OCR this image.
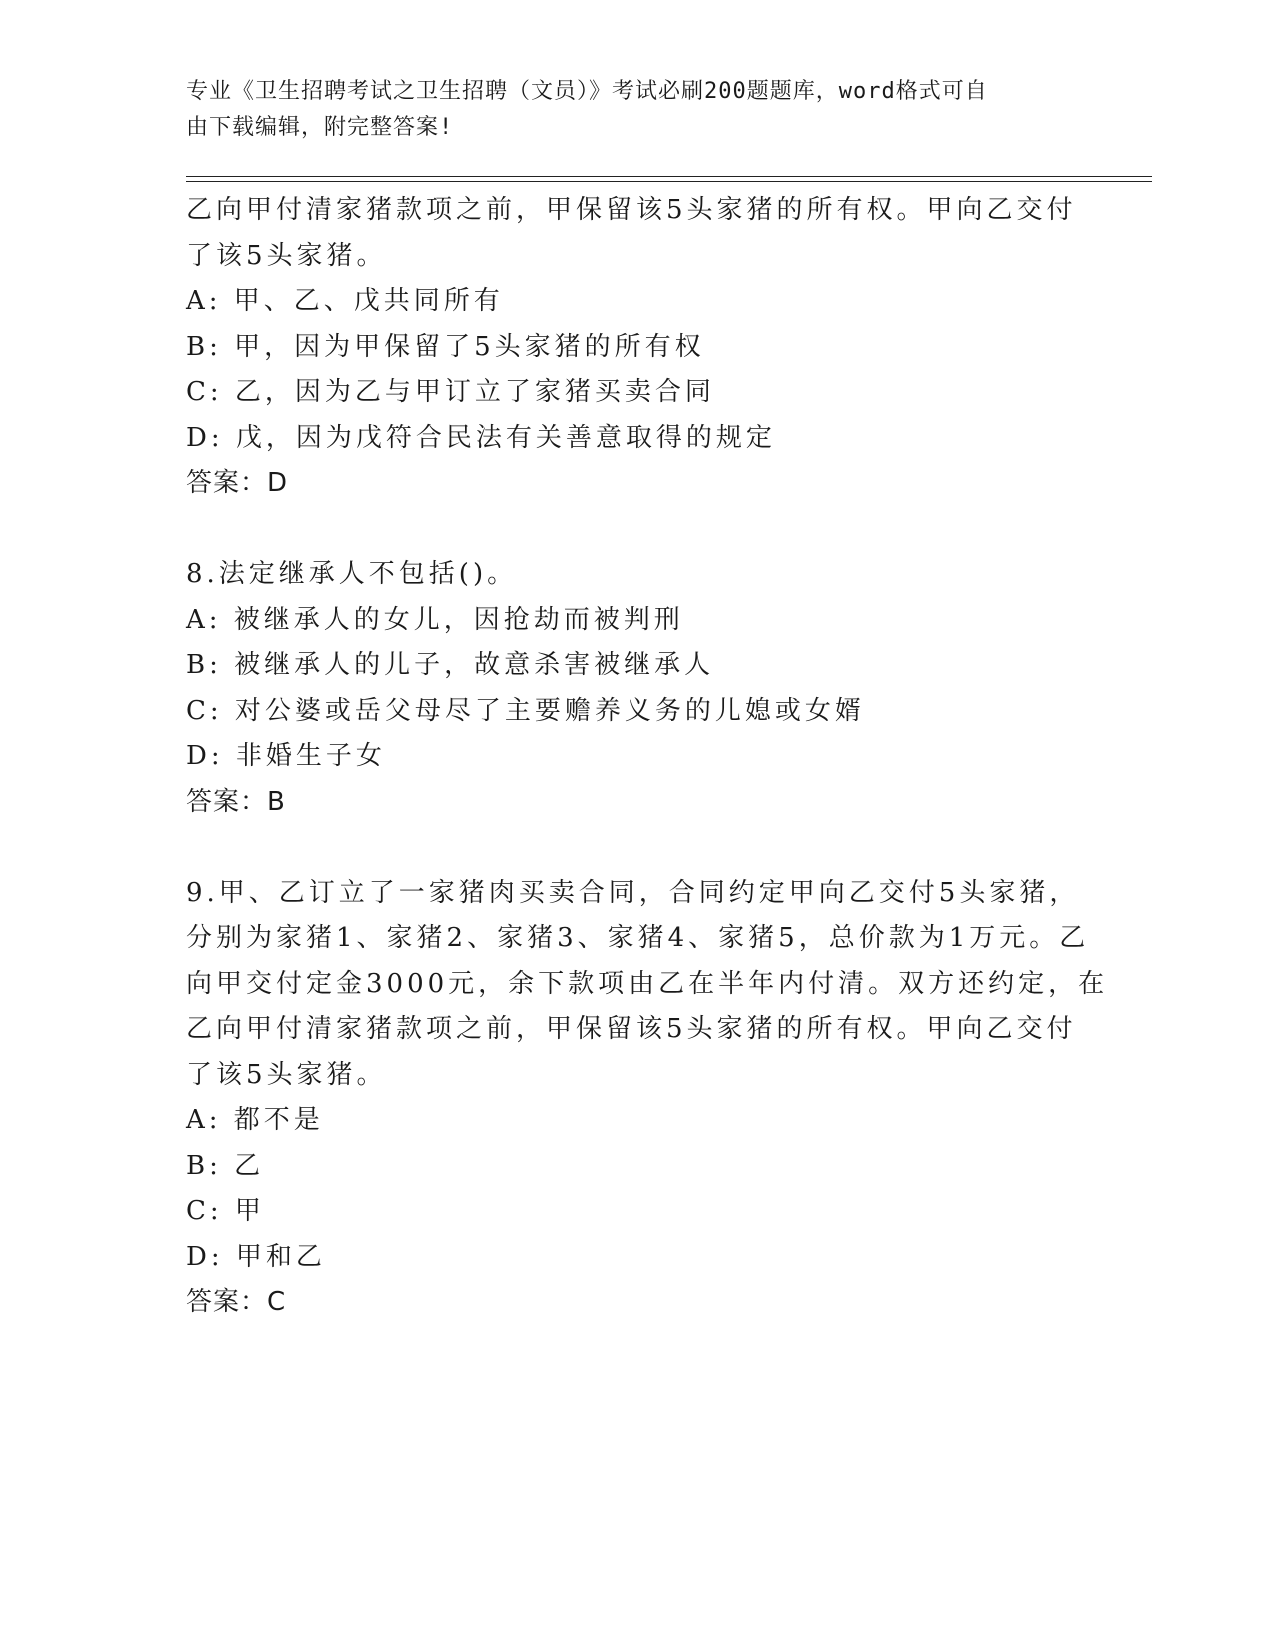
专业《卫生招聘考试之卫生招聘（文员）》考试必刷200题题库，word格式可自
由下载编辑，附完整答案!
乙向甲付清家猪款项之前，甲保留该5头家猪的所有权。甲向乙交付
了该5头家猪。
A: 甲、乙、戊共同所有
B: 甲，因为甲保留了5头家猪的所有权
C: 乙，因为乙与甲订立了家猪买卖合同
D: 戊，因为戊符合民法有关善意取得的规定
答案：D
8.法定继承人不包括()。
A: 被继承人的女儿，因抢劫而被判刑
B: 被继承人的儿子，故意杀害被继承人
C: 对公婆或岳父母尽了主要赡养义务的儿媳或女婿
D: 非婚生子女
答案：B
9.甲、乙订立了一家猪肉买卖合同，合同约定甲向乙交付5头家猪，
分别为家猪1、家猪2、家猪3、家猪4、家猪5，总价款为1万元。乙
向甲交付定金3000元，余下款项由乙在半年内付清。双方还约定，在
乙向甲付清家猪款项之前，甲保留该5头家猪的所有权。甲向乙交付
了该5头家猪。
A: 都不是
B: 乙
C: 甲
D: 甲和乙
答案：C
